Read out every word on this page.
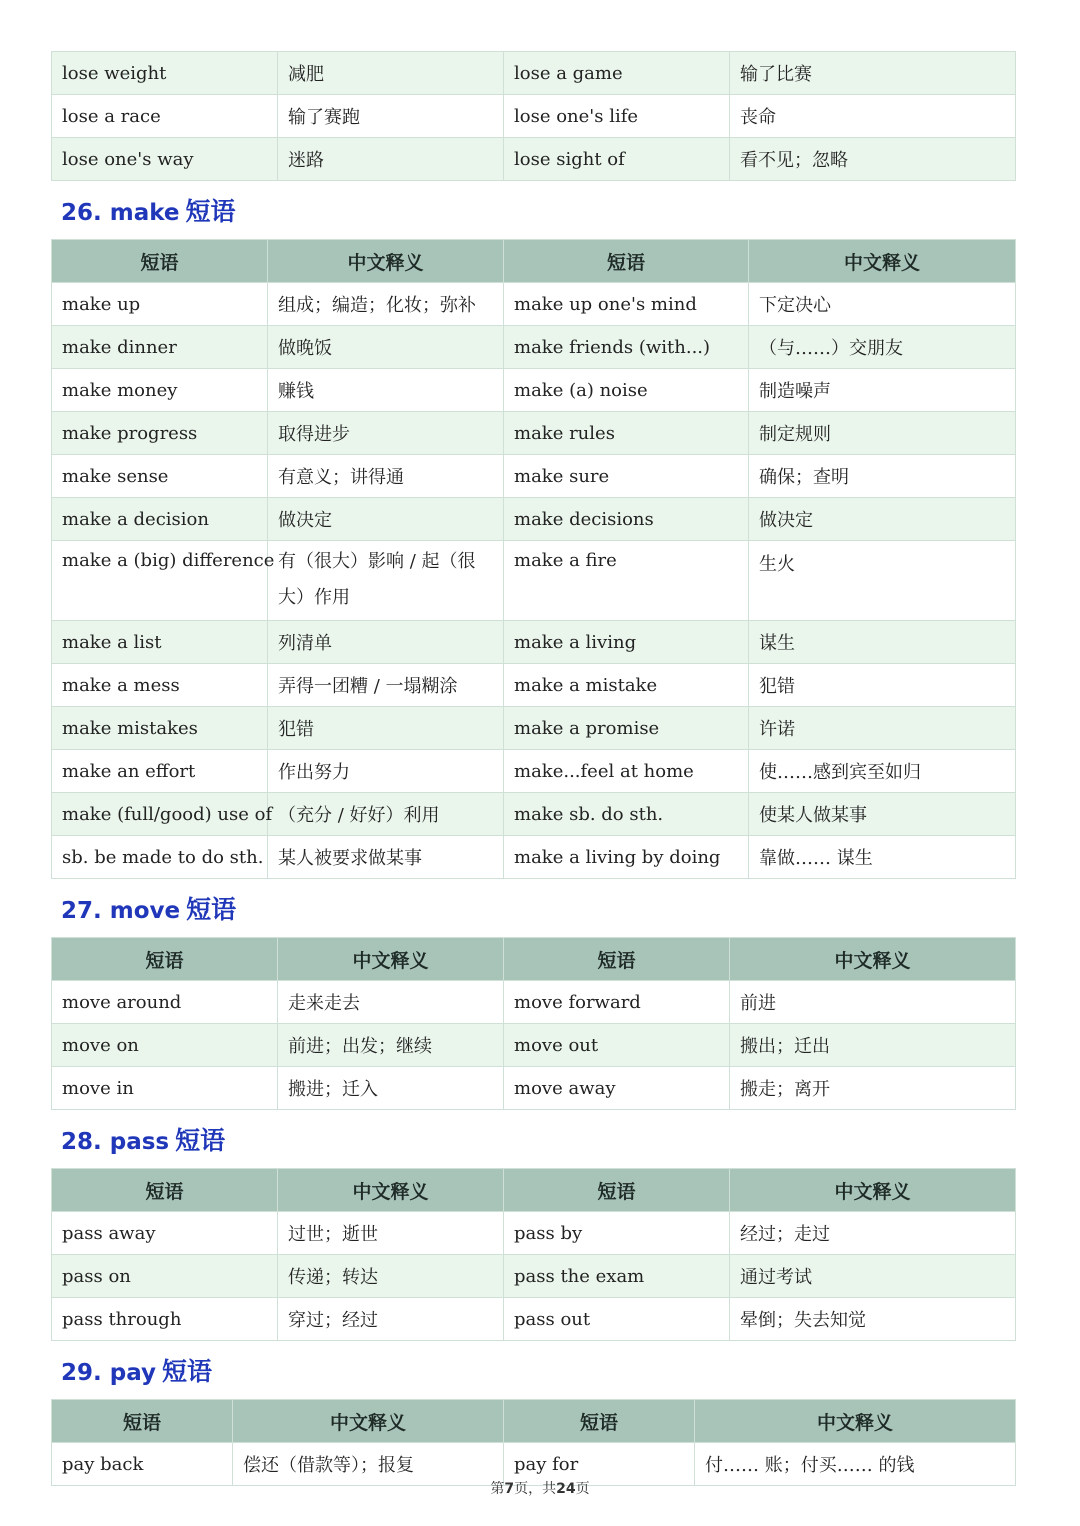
lose weight	减肥	lose a game	输了比赛
lose a race	输了赛跑	lose one's life	丧命
lose one's way	迷路	lose sight of	看不见；忽略
26. make 短语
短语	中文释义	短语	中文释义
make up	组成；编造；化妆；弥补	make up one's mind	下定决心
make dinner	做晚饭	make friends (with...)	（与……）交朋友
make money	赚钱	make (a) noise	制造噪声
make progress	取得进步	make rules	制定规则
make sense	有意义；讲得通	make sure	确保；查明
make a decision	做决定	make decisions	做决定
make a (big) difference	有（很大）影响 / 起（很大）作用	make a fire	生火
make a list	列清单	make a living	谋生
make a mess	弄得一团糟 / 一塌糊涂	make a mistake	犯错
make mistakes	犯错	make a promise	许诺
make an effort	作出努力	make...feel at home	使……感到宾至如归
make (full/good) use of	（充分 / 好好）利用	make sb. do sth.	使某人做某事
sb. be made to do sth.	某人被要求做某事	make a living by doing	靠做…… 谋生
27. move 短语
短语	中文释义	短语	中文释义
move around	走来走去	move forward	前进
move on	前进；出发；继续	move out	搬出；迁出
move in	搬进；迁入	move away	搬走；离开
28. pass 短语
短语	中文释义	短语	中文释义
pass away	过世；逝世	pass by	经过；走过
pass on	传递；转达	pass the exam	通过考试
pass through	穿过；经过	pass out	晕倒；失去知觉
29. pay 短语
短语	中文释义	短语	中文释义
pay back	偿还（借款等）；报复	pay for	付…… 账；付买…… 的钱
第7页，共24页
